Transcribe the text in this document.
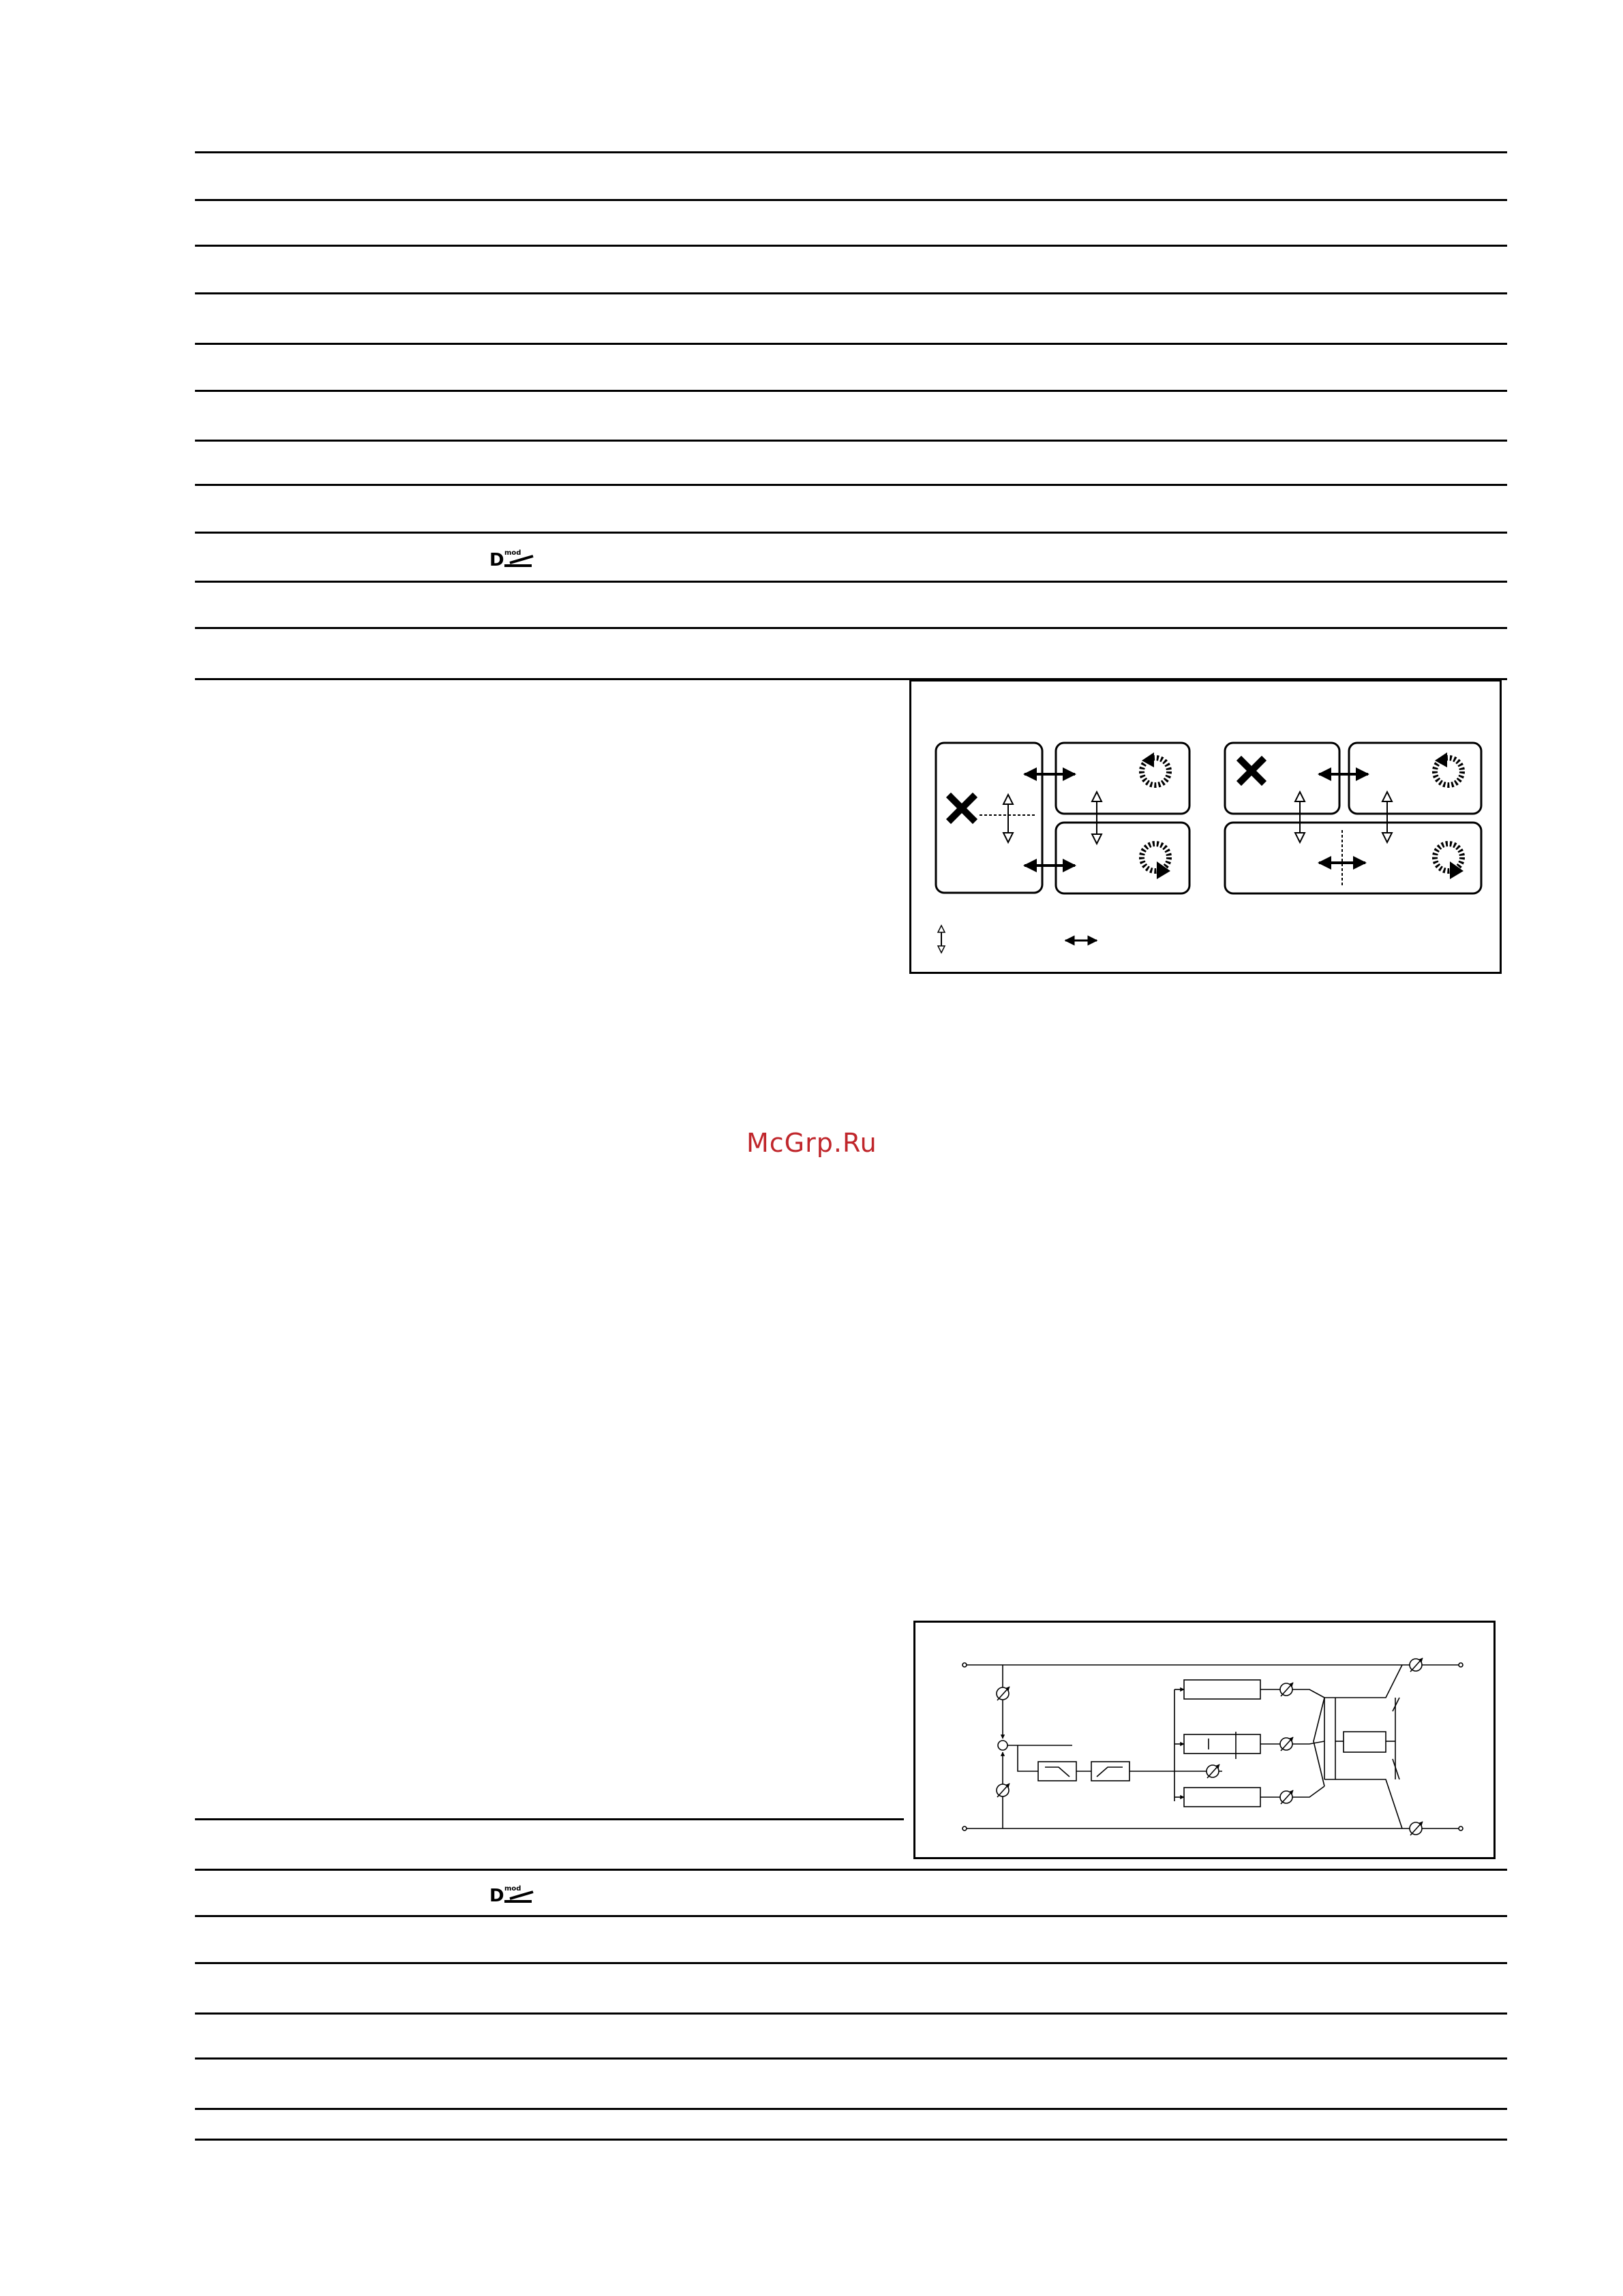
D mod
McGrp.Ru
D mod
